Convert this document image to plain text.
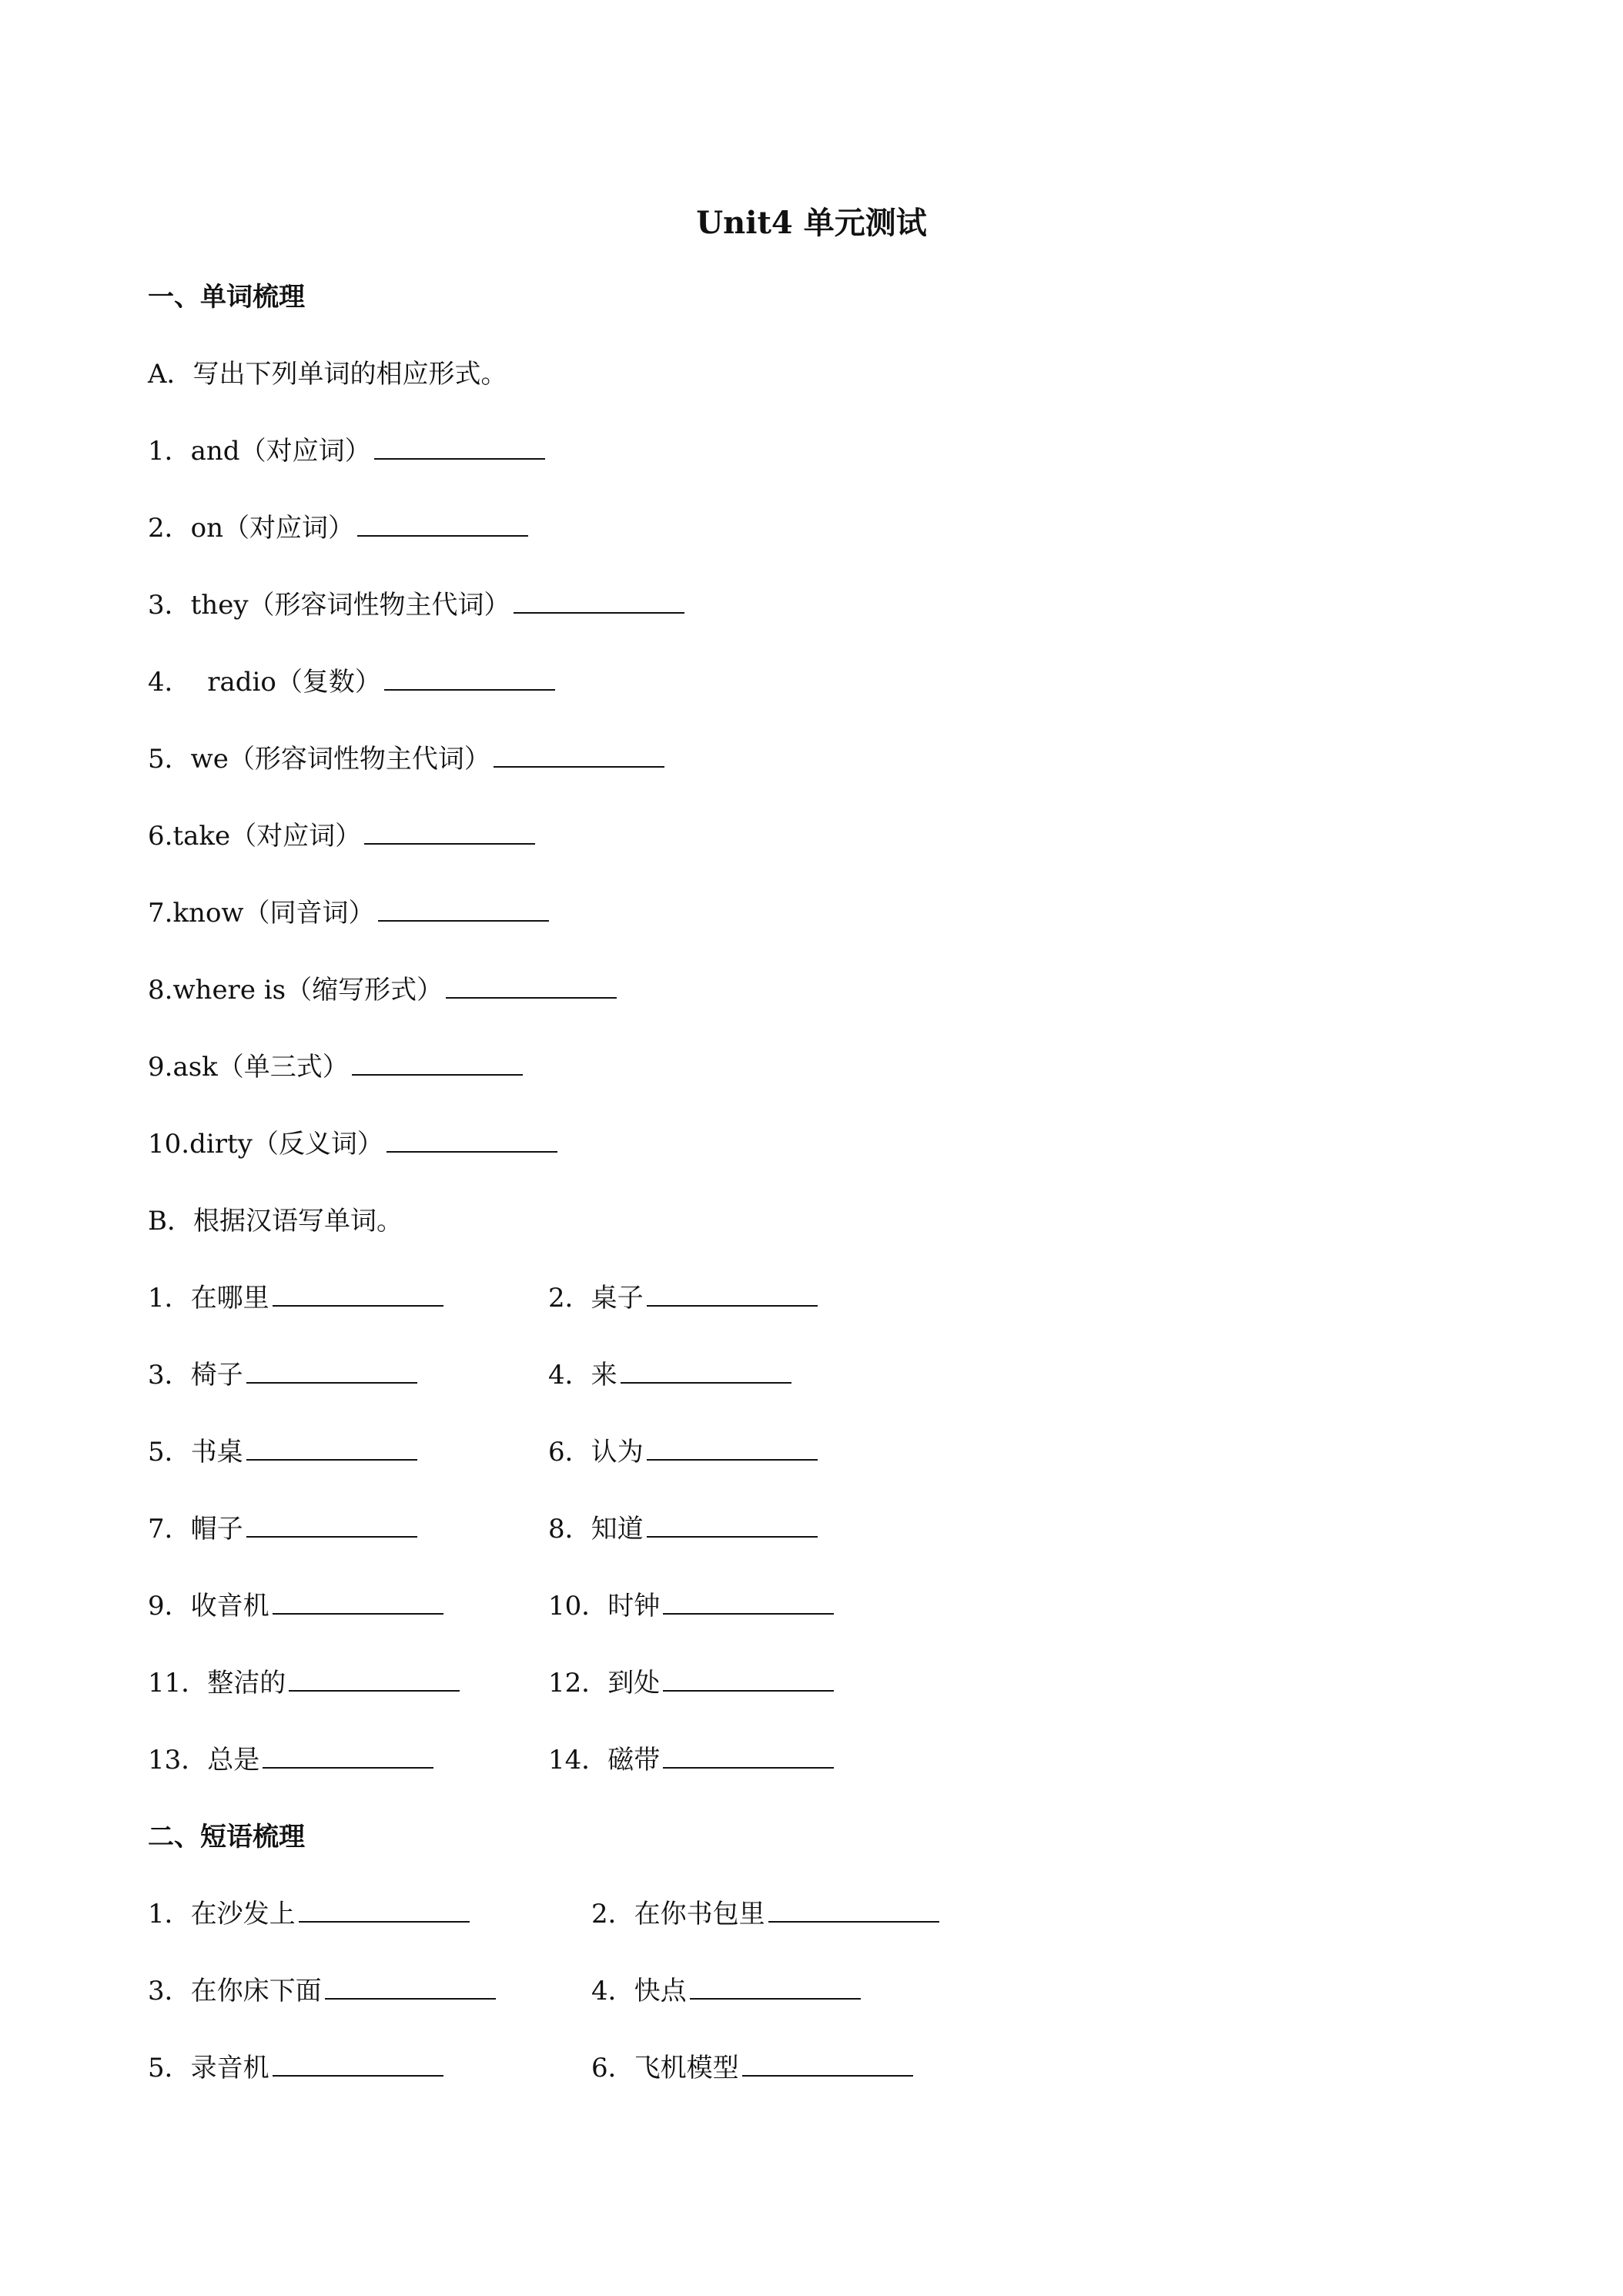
Unit4 单元测试
一、单词梳理
A．写出下列单词的相应形式。
1．and（对应词）
2．on（对应词）
3．they（形容词性物主代词）
4．  radio（复数）
5．we（形容词性物主代词）
6.take（对应词）
7.know（同音词）
8.where is（缩写形式）
9.ask（单三式）
10.dirty（反义词）
B．根据汉语写单词。
1．在哪里	2．桌子
3．椅子	4．来
5．书桌	6．认为
7．帽子	8．知道
9．收音机	10．时钟
11．整洁的	12．到处
13．总是	14．磁带
二、短语梳理
1．在沙发上	2．在你书包里
3．在你床下面	4．快点
5．录音机	6．飞机模型
